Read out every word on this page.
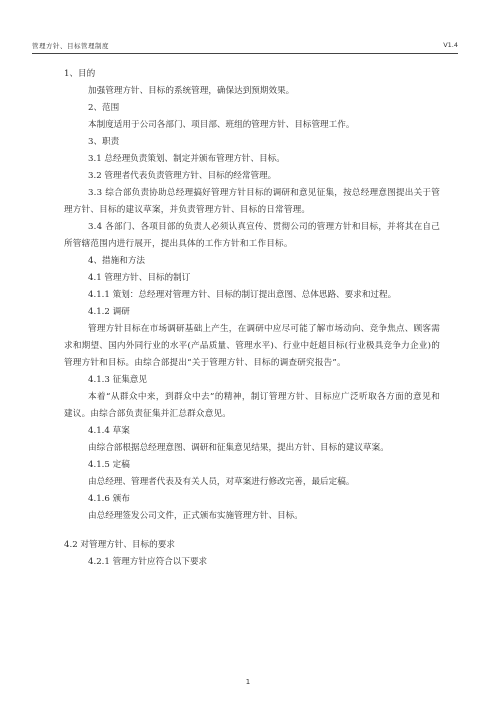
管理方针、目标管理制度	V1.4

1、目的

加强管理方针、目标的系统管理，确保达到预期效果。

2、范围

本制度适用于公司各部门、项目部、班组的管理方针、目标管理工作。

3、职责

3.1 总经理负责策划、制定并颁布管理方针、目标。

3.2 管理者代表负责管理方针、目标的经常管理。

3.3 综合部负责协助总经理搞好管理方针目标的调研和意见征集，按总经理意图提出关于管理方针、目标的建议草案，并负责管理方针、目标的日常管理。

3.4 各部门、各项目部的负责人必须认真宣传、贯彻公司的管理方针和目标，并将其在自己所管辖范围内进行展开，提出具体的工作方针和工作目标。

4、措施和方法

4.1 管理方针、目标的制订

4.1.1 策划：总经理对管理方针、目标的制订提出意图、总体思路、要求和过程。

4.1.2 调研

管理方针目标在市场调研基础上产生，在调研中应尽可能了解市场动向、竞争焦点、顾客需求和期望、国内外同行业的水平(产品质量、管理水平)、行业中赶超目标(行业极具竞争力企业)的管理方针和目标。由综合部提出“关于管理方针、目标的调查研究报告”。

4.1.3 征集意见

本着“从群众中来，到群众中去”的精神，制订管理方针、目标应广泛听取各方面的意见和建议。由综合部负责征集并汇总群众意见。

4.1.4 草案

由综合部根据总经理意图、调研和征集意见结果，提出方针、目标的建议草案。

4.1.5 定稿

由总经理、管理者代表及有关人员，对草案进行修改完善，最后定稿。

4.1.6 颁布

由总经理签发公司文件，正式颁布实施管理方针、目标。

4.2 对管理方针、目标的要求

4.2.1 管理方针应符合以下要求

1
